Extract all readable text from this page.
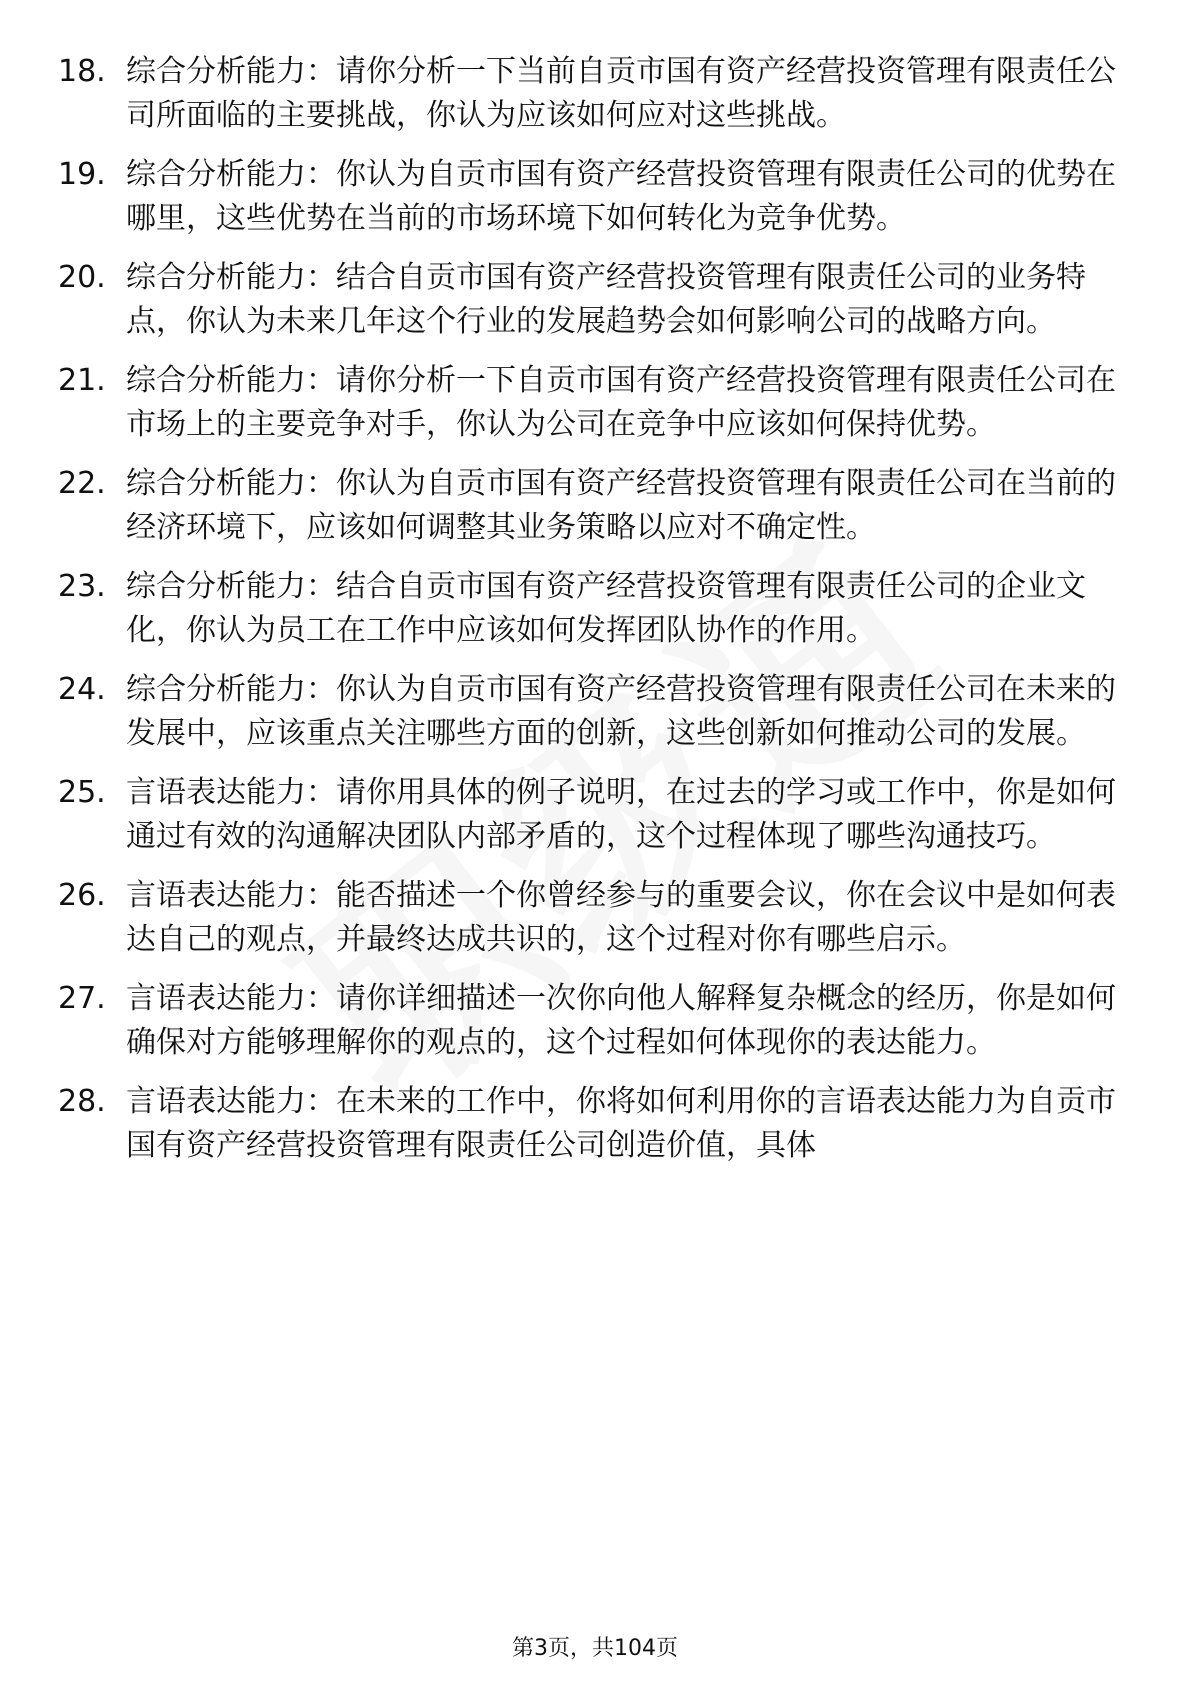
18. 综合分析能力：请你分析一下当前自贡市国有资产经营投资管理有限责任公司所面临的主要挑战，你认为应该如何应对这些挑战。
19. 综合分析能力：你认为自贡市国有资产经营投资管理有限责任公司的优势在哪里，这些优势在当前的市场环境下如何转化为竞争优势。
20. 综合分析能力：结合自贡市国有资产经营投资管理有限责任公司的业务特点，你认为未来几年这个行业的发展趋势会如何影响公司的战略方向。
21. 综合分析能力：请你分析一下自贡市国有资产经营投资管理有限责任公司在市场上的主要竞争对手，你认为公司在竞争中应该如何保持优势。
22. 综合分析能力：你认为自贡市国有资产经营投资管理有限责任公司在当前的经济环境下，应该如何调整其业务策略以应对不确定性。
23. 综合分析能力：结合自贡市国有资产经营投资管理有限责任公司的企业文化，你认为员工在工作中应该如何发挥团队协作的作用。
24. 综合分析能力：你认为自贡市国有资产经营投资管理有限责任公司在未来的发展中，应该重点关注哪些方面的创新，这些创新如何推动公司的发展。
25. 言语表达能力：请你用具体的例子说明，在过去的学习或工作中，你是如何通过有效的沟通解决团队内部矛盾的，这个过程体现了哪些沟通技巧。
26. 言语表达能力：能否描述一个你曾经参与的重要会议，你在会议中是如何表达自己的观点，并最终达成共识的，这个过程对你有哪些启示。
27. 言语表达能力：请你详细描述一次你向他人解释复杂概念的经历，你是如何确保对方能够理解你的观点的，这个过程如何体现你的表达能力。
28. 言语表达能力：在未来的工作中，你将如何利用你的言语表达能力为自贡市国有资产经营投资管理有限责任公司创造价值，具体
第3页，共104页
